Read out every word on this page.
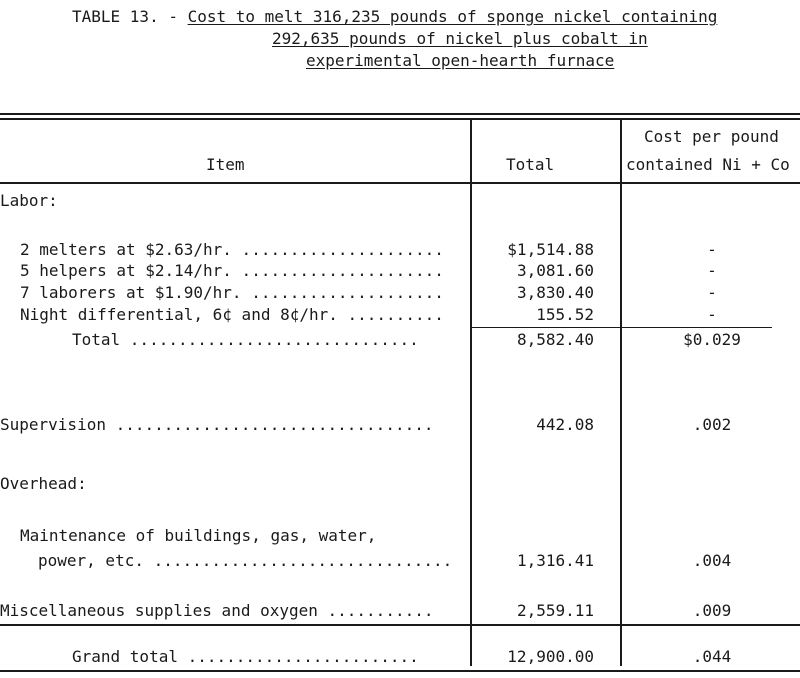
TABLE 13. - Cost to melt 316,235 pounds of sponge nickel containing
292,635 pounds of nickel plus cobalt in
experimental open-hearth furnace
Item	Total
Cost per pound
contained Ni + Co
Labor:
2 melters at $2.63/hr. .....................	$1,514.88	-
5 helpers at $2.14/hr. .....................	3,081.60	-
7 laborers at $1.90/hr. ....................	3,830.40	-
Night differential, 6¢ and 8¢/hr. ..........	155.52	-
Total ..............................	8,582.40	$0.029
Supervision .................................	442.08	.002
Overhead:
Maintenance of buildings, gas, water,
power, etc. ...............................	1,316.41	.004
Miscellaneous supplies and oxygen ...........	2,559.11	.009
Grand total ........................	12,900.00	.044
